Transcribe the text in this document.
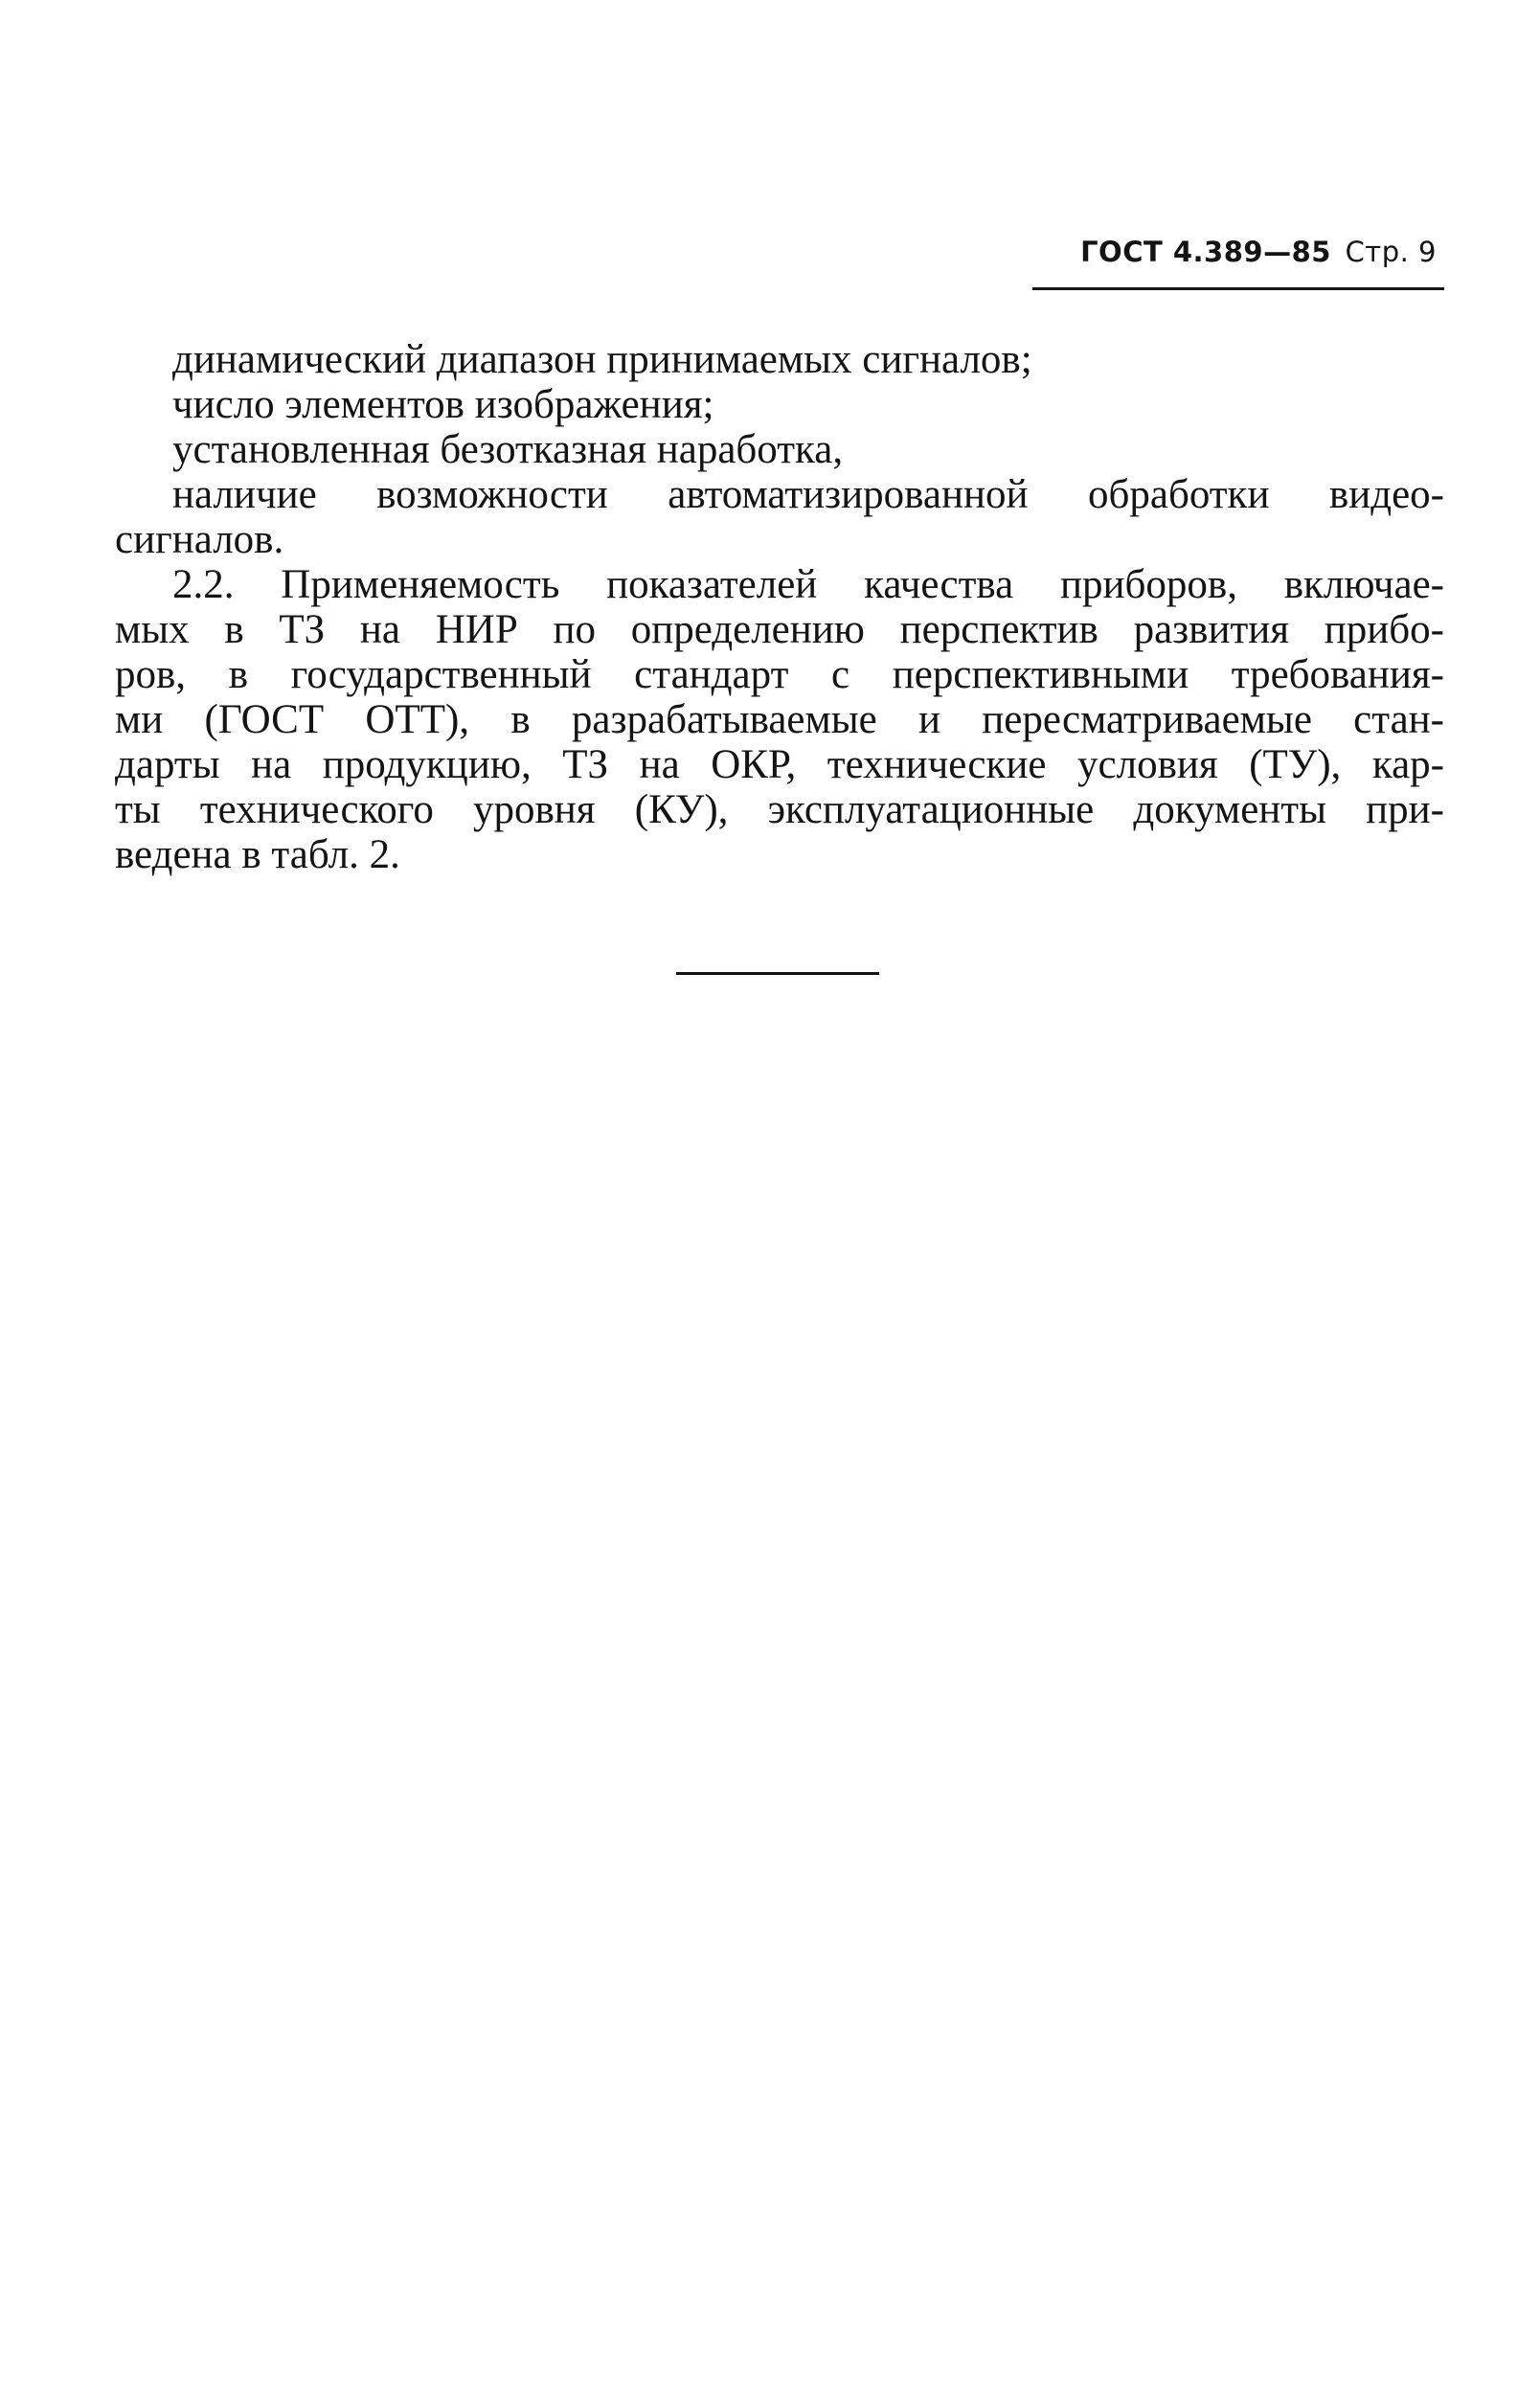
ГОСТ 4.389—85 Стр. 9
динамический диапазон принимаемых сигналов;
число элементов изображения;
установленная безотказная наработка,
наличие возможности автоматизированной обработки видео-
сигналов.
2.2. Применяемость показателей качества приборов, включае-
мых в ТЗ на НИР по определению перспектив развития прибо-
ров, в государственный стандарт с перспективными требования-
ми (ГОСТ ОТТ), в разрабатываемые и пересматриваемые стан-
дарты на продукцию, ТЗ на ОКР, технические условия (ТУ), кар-
ты технического уровня (КУ), эксплуатационные документы при-
ведена в табл. 2.
